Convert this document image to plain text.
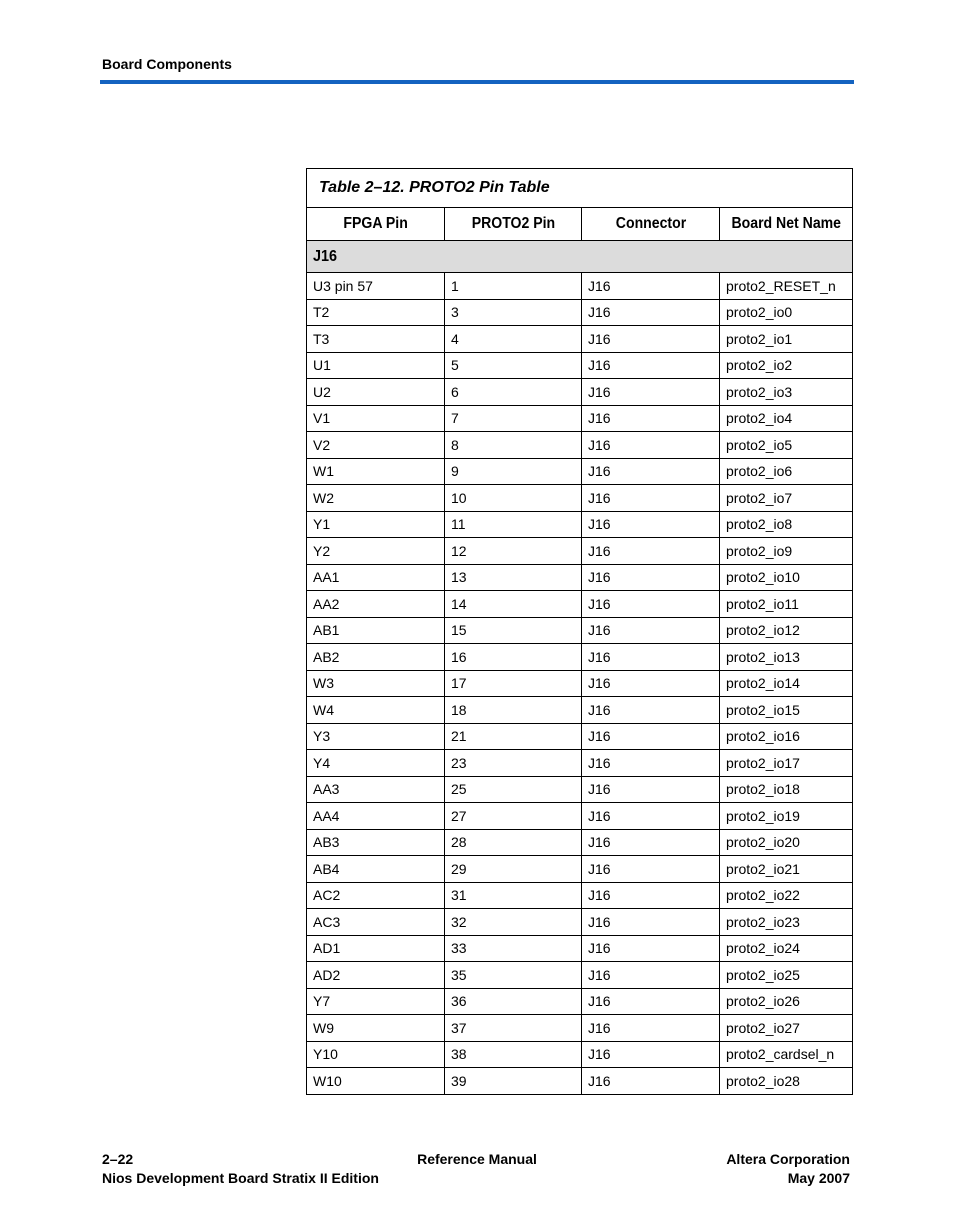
Board Components
Table 2–12. PROTO2 Pin Table			
FPGA Pin	PROTO2 Pin	Connector	Board Net Name
J16			
U3 pin 57	1	J16	proto2_RESET_n
T2	3	J16	proto2_io0
T3	4	J16	proto2_io1
U1	5	J16	proto2_io2
U2	6	J16	proto2_io3
V1	7	J16	proto2_io4
V2	8	J16	proto2_io5
W1	9	J16	proto2_io6
W2	10	J16	proto2_io7
Y1	11	J16	proto2_io8
Y2	12	J16	proto2_io9
AA1	13	J16	proto2_io10
AA2	14	J16	proto2_io11
AB1	15	J16	proto2_io12
AB2	16	J16	proto2_io13
W3	17	J16	proto2_io14
W4	18	J16	proto2_io15
Y3	21	J16	proto2_io16
Y4	23	J16	proto2_io17
AA3	25	J16	proto2_io18
AA4	27	J16	proto2_io19
AB3	28	J16	proto2_io20
AB4	29	J16	proto2_io21
AC2	31	J16	proto2_io22
AC3	32	J16	proto2_io23
AD1	33	J16	proto2_io24
AD2	35	J16	proto2_io25
Y7	36	J16	proto2_io26
W9	37	J16	proto2_io27
Y10	38	J16	proto2_cardsel_n
W10	39	J16	proto2_io28
2–22
Nios Development Board Stratix II Edition
Reference Manual	Altera Corporation
May 2007
